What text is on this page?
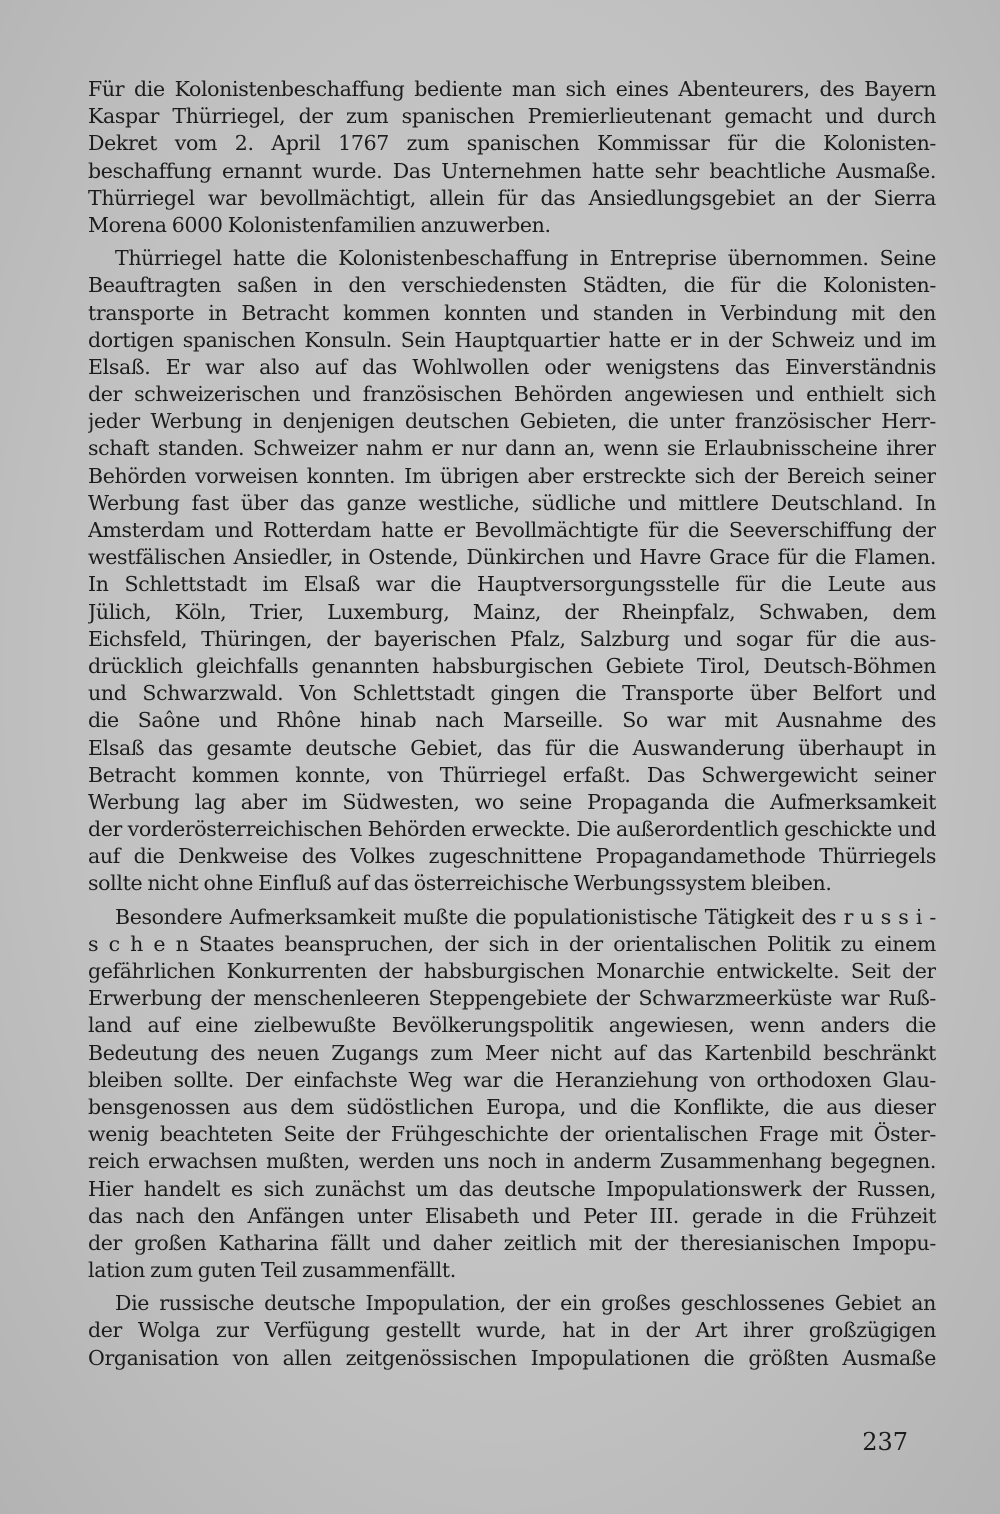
Für die Kolonistenbeschaffung bediente man sich eines Abenteurers, des Bayern
Kaspar Thürriegel, der zum spanischen Premierlieutenant gemacht und durch
Dekret vom 2. April 1767 zum spanischen Kommissar für die Kolonisten-
beschaffung ernannt wurde. Das Unternehmen hatte sehr beachtliche Ausmaße.
Thürriegel war bevollmächtigt, allein für das Ansiedlungsgebiet an der Sierra
Morena 6000 Kolonistenfamilien anzuwerben.
Thürriegel hatte die Kolonistenbeschaffung in Entreprise übernommen. Seine
Beauftragten saßen in den verschiedensten Städten, die für die Kolonisten-
transporte in Betracht kommen konnten und standen in Verbindung mit den
dortigen spanischen Konsuln. Sein Hauptquartier hatte er in der Schweiz und im
Elsaß. Er war also auf das Wohlwollen oder wenigstens das Einverständnis
der schweizerischen und französischen Behörden angewiesen und enthielt sich
jeder Werbung in denjenigen deutschen Gebieten, die unter französischer Herr-
schaft standen. Schweizer nahm er nur dann an, wenn sie Erlaubnisscheine ihrer
Behörden vorweisen konnten. Im übrigen aber erstreckte sich der Bereich seiner
Werbung fast über das ganze westliche, südliche und mittlere Deutschland. In
Amsterdam und Rotterdam hatte er Bevollmächtigte für die Seeverschiffung der
westfälischen Ansiedler, in Ostende, Dünkirchen und Havre Grace für die Flamen.
In Schlettstadt im Elsaß war die Hauptversorgungsstelle für die Leute aus
Jülich, Köln, Trier, Luxemburg, Mainz, der Rheinpfalz, Schwaben, dem
Eichsfeld, Thüringen, der bayerischen Pfalz, Salzburg und sogar für die aus-
drücklich gleichfalls genannten habsburgischen Gebiete Tirol, Deutsch-Böhmen
und Schwarzwald. Von Schlettstadt gingen die Transporte über Belfort und
die Saône und Rhône hinab nach Marseille. So war mit Ausnahme des
Elsaß das gesamte deutsche Gebiet, das für die Auswanderung überhaupt in
Betracht kommen konnte, von Thürriegel erfaßt. Das Schwergewicht seiner
Werbung lag aber im Südwesten, wo seine Propaganda die Aufmerksamkeit
der vorderösterreichischen Behörden erweckte. Die außerordentlich geschickte und
auf die Denkweise des Volkes zugeschnittene Propagandamethode Thürriegels
sollte nicht ohne Einfluß auf das österreichische Werbungssystem bleiben.
Besondere Aufmerksamkeit mußte die populationistische Tätigkeit des r u s s i -
s c h e n Staates beanspruchen, der sich in der orientalischen Politik zu einem
gefährlichen Konkurrenten der habsburgischen Monarchie entwickelte. Seit der
Erwerbung der menschenleeren Steppengebiete der Schwarzmeerküste war Ruß-
land auf eine zielbewußte Bevölkerungspolitik angewiesen, wenn anders die
Bedeutung des neuen Zugangs zum Meer nicht auf das Kartenbild beschränkt
bleiben sollte. Der einfachste Weg war die Heranziehung von orthodoxen Glau-
bensgenossen aus dem südöstlichen Europa, und die Konflikte, die aus dieser
wenig beachteten Seite der Frühgeschichte der orientalischen Frage mit Öster-
reich erwachsen mußten, werden uns noch in anderm Zusammenhang begegnen.
Hier handelt es sich zunächst um das deutsche Impopulationswerk der Russen,
das nach den Anfängen unter Elisabeth und Peter III. gerade in die Frühzeit
der großen Katharina fällt und daher zeitlich mit der theresianischen Impopu-
lation zum guten Teil zusammenfällt.
Die russische deutsche Impopulation, der ein großes geschlossenes Gebiet an
der Wolga zur Verfügung gestellt wurde, hat in der Art ihrer großzügigen
Organisation von allen zeitgenössischen Impopulationen die größten Ausmaße
237
